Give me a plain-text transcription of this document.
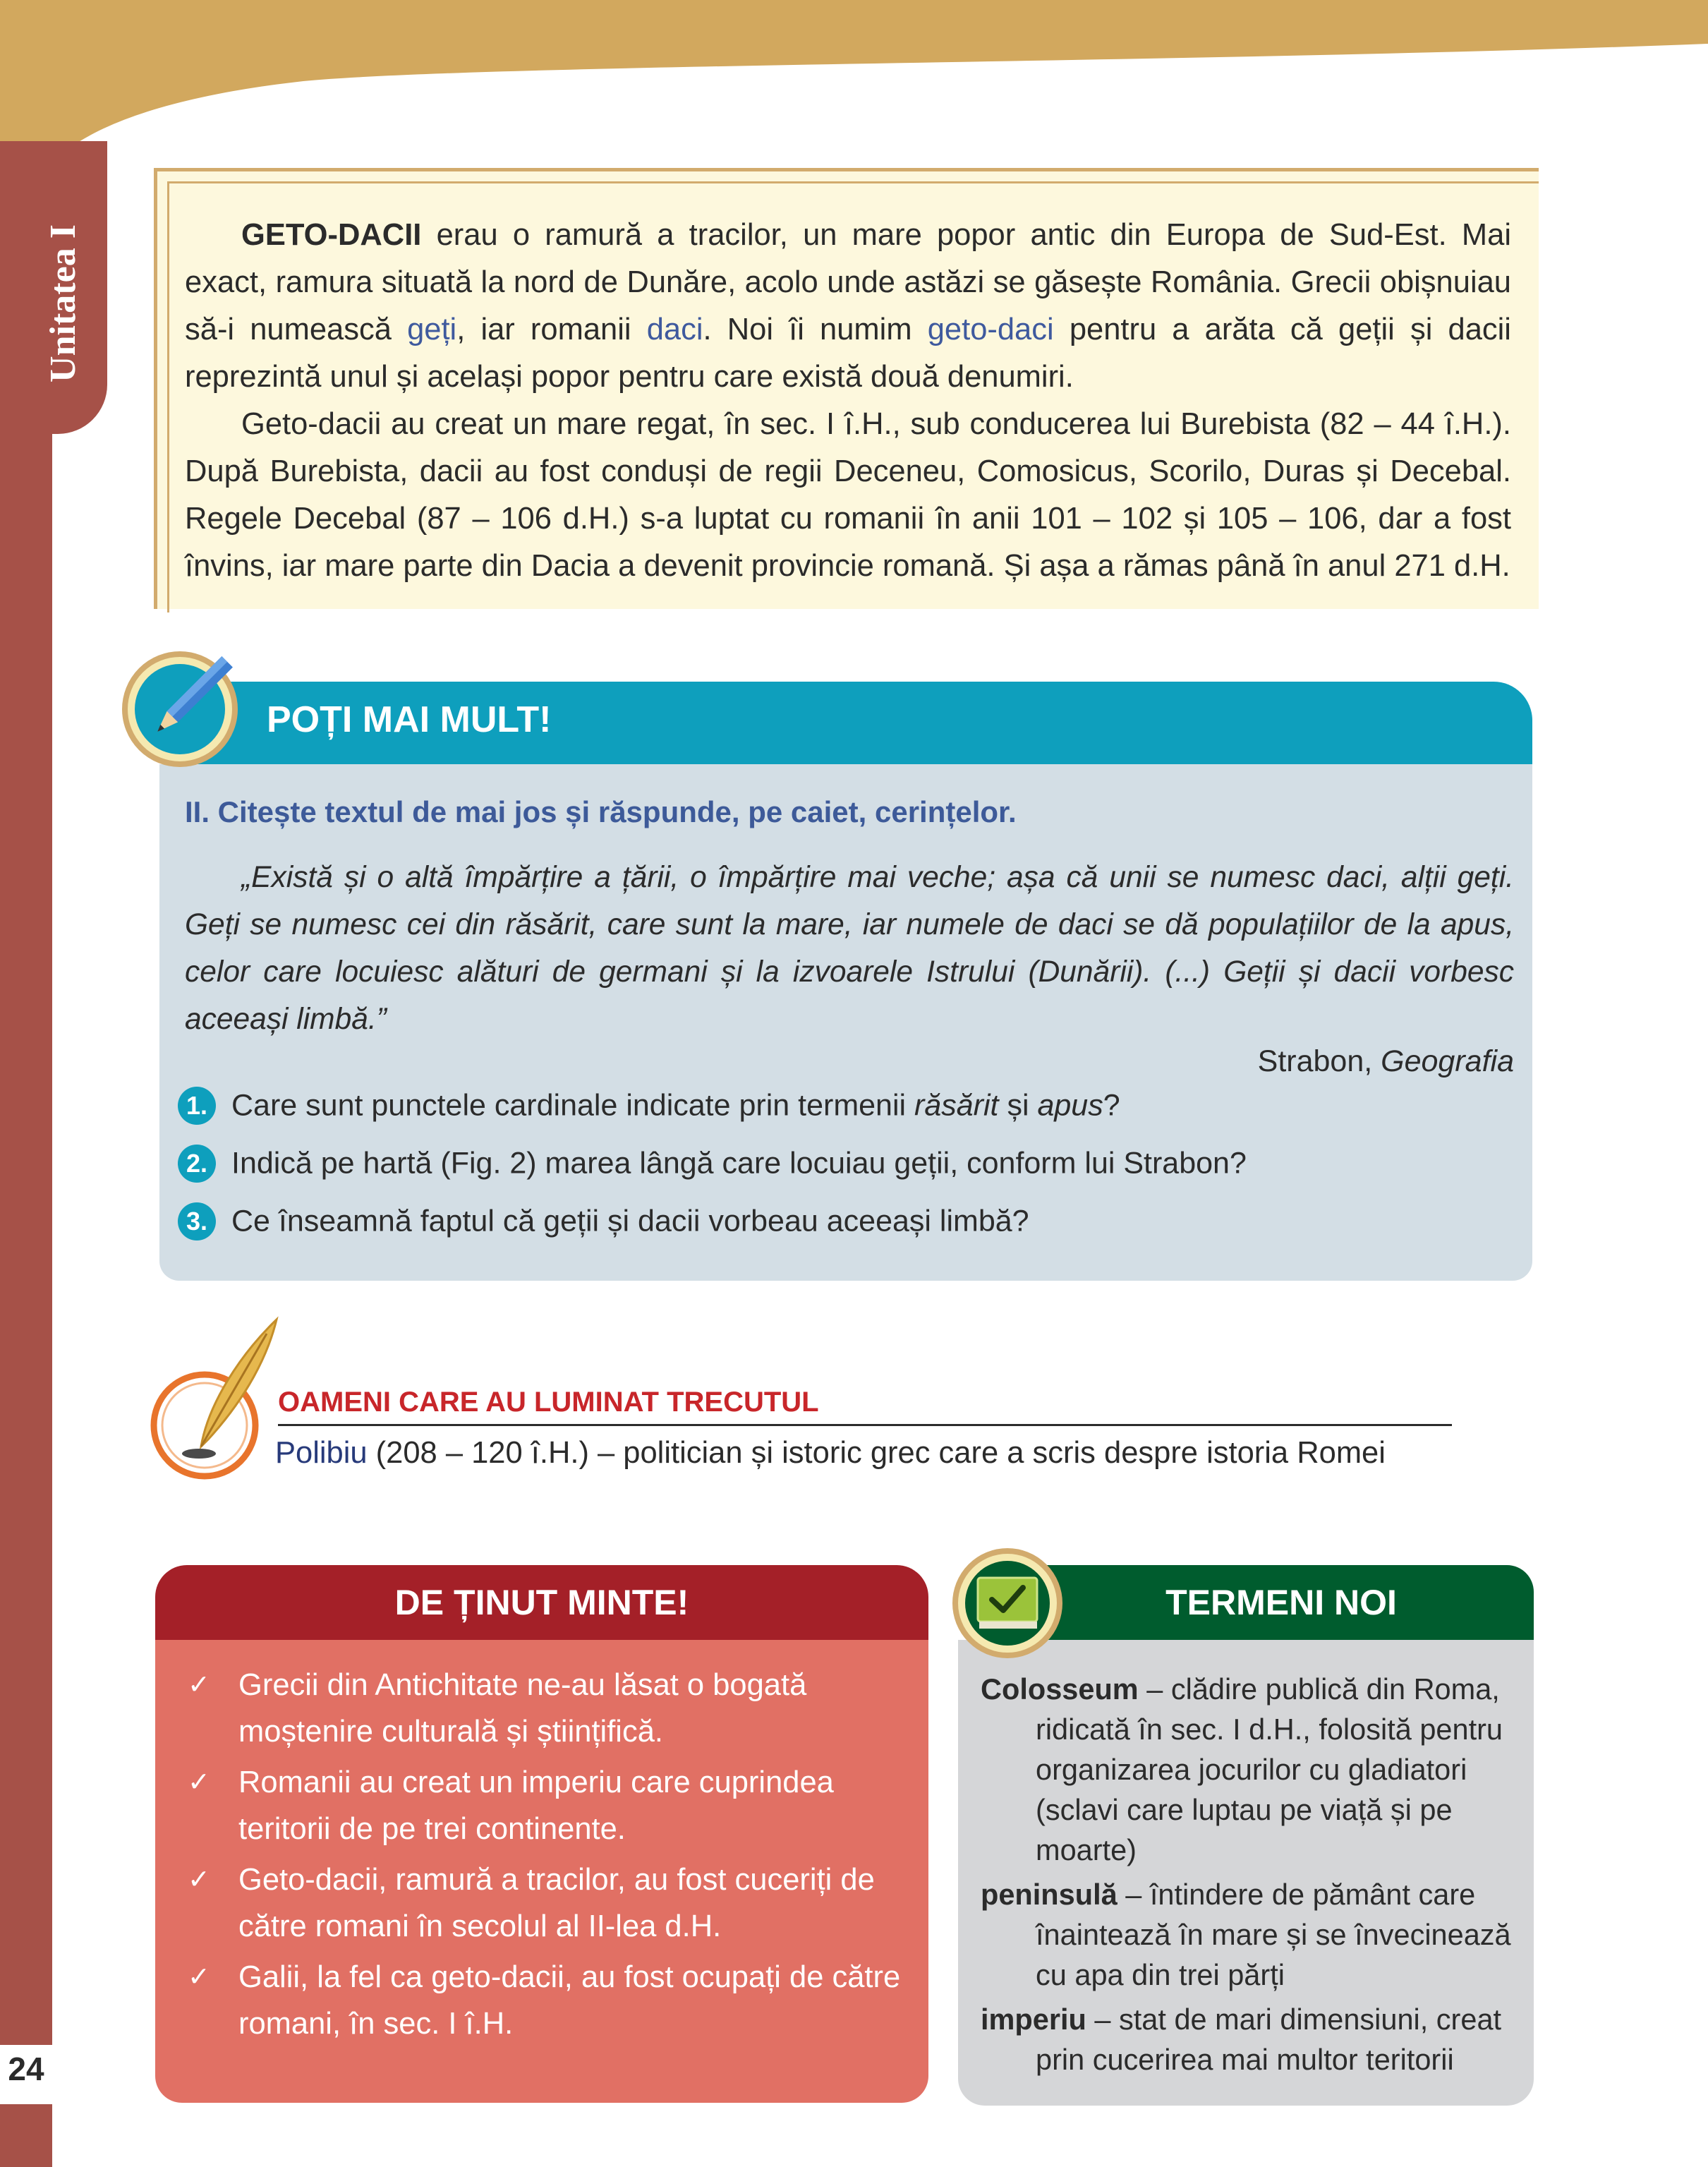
Unitatea I
24

GETO-DACII erau o ramură a tracilor, un mare popor antic din Europa de Sud-Est. Mai exact, ramura situată la nord de Dunăre, acolo unde astăzi se găsește România. Grecii obișnuiau să-i numească geți, iar romanii daci. Noi îi numim geto-daci pentru a arăta că geții și dacii reprezintă unul și același popor pentru care există două denumiri.

Geto-dacii au creat un mare regat, în sec. I î.H., sub conducerea lui Burebista (82 – 44 î.H.). După Burebista, dacii au fost conduși de regii Deceneu, Comosicus, Scorilo, Duras și Decebal. Regele Decebal (87 – 106 d.H.) s-a luptat cu romanii în anii 101 – 102 și 105 – 106, dar a fost învins, iar mare parte din Dacia a devenit provincie romană. Și așa a rămas până în anul 271 d.H.

POȚI MAI MULT!
II. Citește textul de mai jos și răspunde, pe caiet, cerințelor.
„Există și o altă împărțire a țării, o împărțire mai veche; așa că unii se numesc daci, alții geți. Geți se numesc cei din răsărit, care sunt la mare, iar numele de daci se dă populațiilor de la apus, celor care locuiesc alături de germani și la izvoarele Istrului (Dunării). (...) Geții și dacii vorbesc aceeași limbă.”
Strabon, Geografia
1. Care sunt punctele cardinale indicate prin termenii răsărit și apus?
2. Indică pe hartă (Fig. 2) marea lângă care locuiau geții, conform lui Strabon?
3. Ce înseamnă faptul că geții și dacii vorbeau aceeași limbă?
OAMENI CARE AU LUMINAT TRECUTUL
Polibiu (208 – 120 î.H.) – politician și istoric grec care a scris despre istoria Romei
DE ȚINUT MINTE!
✓ Grecii din Antichitate ne-au lăsat o bogată moștenire culturală și științifică.
✓ Romanii au creat un imperiu care cuprindea teritorii de pe trei continente.
✓ Geto-dacii, ramură a tracilor, au fost cuceriți de către romani în secolul al II-lea d.H.
✓ Galii, la fel ca geto-dacii, au fost ocupați de către romani, în sec. I î.H.
TERMENI NOI
Colosseum – clădire publică din Roma, ridicată în sec. I d.H., folosită pentru organizarea jocurilor cu gladiatori (sclavi care luptau pe viață și pe moarte)
peninsulă – întindere de pământ care înaintează în mare și se învecinează cu apa din trei părți
imperiu – stat de mari dimensiuni, creat prin cucerirea mai multor teritorii
